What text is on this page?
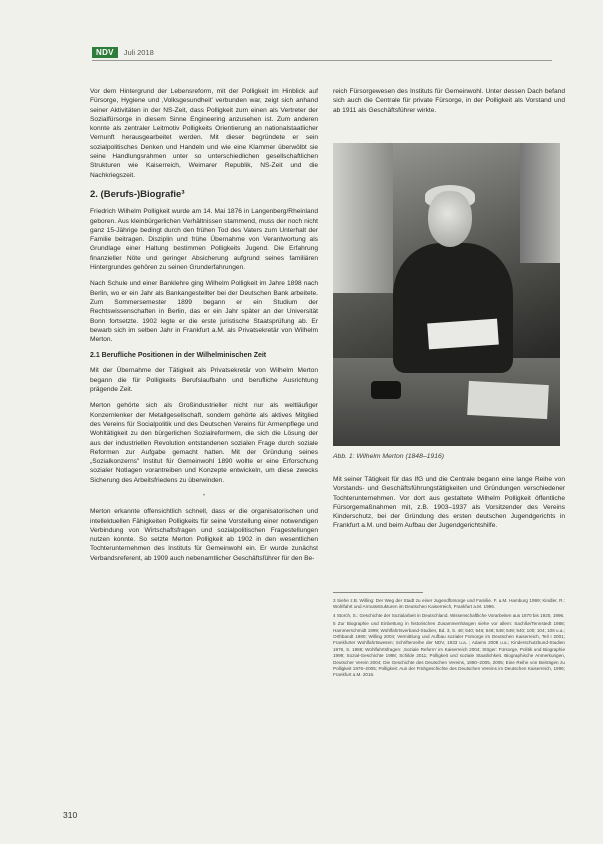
NDV	Juli 2018

Vor dem Hintergrund der Lebensreform, mit der Polligkeit im Hinblick auf Fürsorge, Hygiene und ‚Volksgesundheit' verbunden war, zeigt sich anhand seiner Aktivitäten in der NS-Zeit, dass Polligkeit zum einen als Vertreter der Sozialfürsorge in diesem Sinne Engineering anzusehen ist. Zum anderen konnte als zentraler Leitmotiv Polligkeits Orientierung an nationalstaatlicher Vernunft herausgearbeitet werden. Mit dieser begründete er sein sozialpolitisches Denken und Handeln und wie eine Klammer überwölbt sie seine Handlungsrahmen unter so unterschiedlichen gesellschaftlichen Strukturen wie Kaiserreich, Weimarer Republik, NS-Zeit und die Nachkriegszeit.

2. (Berufs-)Biografie³

Friedrich Wilhelm Polligkeit wurde am 14. Mai 1876 in Langenberg/Rheinland geboren. Aus kleinbürgerlichen Verhältnissen stammend, muss der noch nicht ganz 15-Jährige bedingt durch den frühen Tod des Vaters zum Unterhalt der Familie beitragen. Disziplin und frühe Übernahme von Verantwortung als Grundlage einer Haltung bestimmen Polligkeits Jugend. Die Erfahrung finanzieller Nöte und geringer Absicherung aufgrund seines familiären Hintergrundes gehören zu seinen Grunderfahrungen.

Nach Schule und einer Banklehre ging Wilhelm Polligkeit im Jahre 1898 nach Berlin, wo er ein Jahr als Bankangestellter bei der Deutschen Bank arbeitete. Zum Sommersemester 1899 begann er ein Studium der Rechtswissenschaften in Berlin, das er ein Jahr später an der Universität Bonn fortsetzte. 1902 legte er die erste juristische Staatsprüfung ab. Er bewarb sich im selben Jahr in Frankfurt a.M. als Privatsekretär von Wilhelm Merton.

2.1 Berufliche Positionen in der Wilhelminischen Zeit

Mit der Übernahme der Tätigkeit als Privatsekretär von Wilhelm Merton begann die für Polligkeits Berufslaufbahn und berufliche Ausrichtung prägende Zeit.

Merton gehörte sich als Großindustrieller nicht nur als weltläufiger Konzernlenker der Metallgesellschaft, sondern gehörte als aktives Mitglied des Vereins für Socialpolitik und des Deutschen Vereins für Armenpflege und Wohltätigkeit zu den bürgerlichen Sozialreformern, die sich die Lösung der aus der industriellen Revolution entstandenen sozialen Frage durch soziale Reformen zur Aufgabe gemacht hatten. Mit der Gründung seines „Sozialkonzerns" Institut für Gemeinwohl 1890 wollte er eine Erforschung sozialer Notlagen vorantreiben und Konzepte entwickeln, um diese zwecks Sicherung des Arbeitsfriedens zu überwinden.

•

Merton erkannte offensichtlich schnell, dass er die organisatorischen und intellektuellen Fähigkeiten Polligkeits für seine Vorstellung einer notwendigen Verbindung von Wirtschaftsfragen und sozialpolitischen Fragestellungen nutzen konnte. So setzte Merton Polligkeit ab 1902 in den wesentlichen Tochterunternehmen des Instituts für Gemeinwohl ein. Er wurde zunächst Verbandsreferent, ab 1909 auch nebenamtlicher Geschäftsführer für den Be-

reich Fürsorgewesen des Instituts für Gemeinwohl. Unter dessen Dach befand sich auch die Centrale für private Fürsorge, in der Polligkeit als Vorstand und ab 1911 als Geschäftsführer wirkte.

Abb. 1: Wilhelm Merton (1848–1916)

Mit seiner Tätigkeit für das IfG und die Centrale begann eine lange Reihe von Vorstands- und Geschäftsführungstätigkeiten und Gründungen verschiedener Tochterunternehmen. Vor dort aus gestaltete Wilhelm Polligkeit öffentliche Fürsorgemaßnahmen mit, z.B. 1903–1937 als Vorsitzender des Vereins Kinderschutz, bei der Gründung des ersten deutschen Jugendgerichts in Frankfurt a.M. und beim Aufbau der Jugendgerichtshilfe.

3 Siehe z.B. Willing: Der Weg der Stadt zu einer Jugendfürsorge und Familie. F. a.M. Hamburg 1999; Kindler, R.: Wohlfahrt und Armutsstrukturen im Deutschen Kaiserreich, Frankfurt a.M. 1996.

4 Storch, S.: Geschichte der Sozialarbeit in Deutschland. Wissenschaftliche Vorarbeiten aus 1870 bis 1920, 1996.

5 Zur Biographie und Einbettung in historischen Zusammenhängen siehe vor allem: Sachße/Tennstedt 1988; Hammerschmidt 1999; Wohlfahrtsverband-Studien, Bd. 3, S. 48; 540; 546; 548; 548; 549; 540; 100; 104; 106 u.a.; Orthbandt 1980; Willing 2004; Vermittlung und Aufbau sozialer Fürsorge im Deutschen Kaiserreich, Teil I 2001; Frankfurter Wohlfahrtswesen; Schriftenreihe der NDV, 1933 u.a. ; Adams 2008 u.a.; Kinderschutzbund-Studien 1976, S. 1986; Wohlfahrtsfragen: ‚Soziale Reform' im Kaiserreich 2004; Stöger: Fürsorge, Politik und Biographie 1999; Sozial-Geschichte 1998; Schilde 2011; Polligkeit und soziale Staatlichkeit. Biographische Anmerkungen, Deutscher Verein 2004; Die Geschichte des Deutschen Vereins, 1880–2005, 2005; Eine Reihe von Beiträgen zu Polligkeit 1976–2005; Polligkeit: Aus der Frühgeschichte des Deutschen Vereins im Deutschen Kaiserreich, 1996; Frankfurt a.M. 2016.

310
